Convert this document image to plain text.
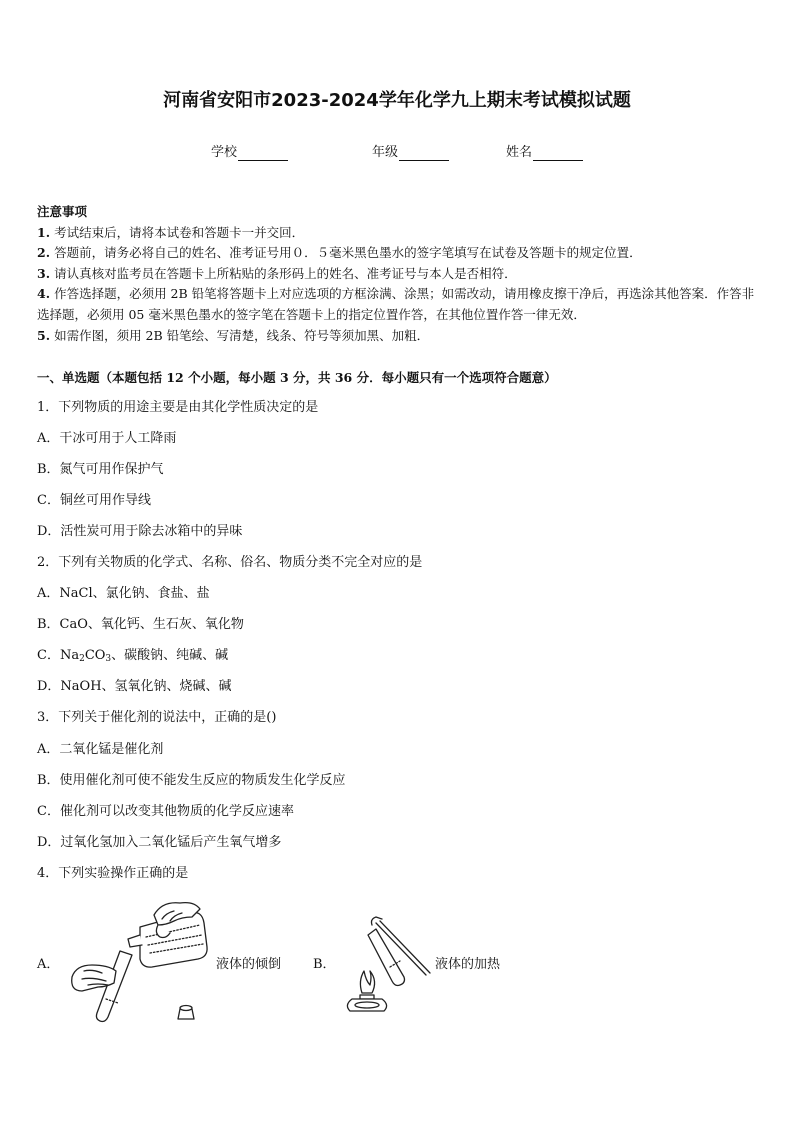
河南省安阳市2023-2024学年化学九上期末考试模拟试题
学校	年级	姓名
注意事项
1. 考试结束后，请将本试卷和答题卡一并交回．
2. 答题前，请务必将自己的姓名、准考证号用０．５毫米黑色墨水的签字笔填写在试卷及答题卡的规定位置．
3. 请认真核对监考员在答题卡上所粘贴的条形码上的姓名、准考证号与本人是否相符．
4. 作答选择题，必须用 2B 铅笔将答题卡上对应选项的方框涂满、涂黑；如需改动，请用橡皮擦干净后，再选涂其他答案．作答非选择题，必须用 05 毫米黑色墨水的签字笔在答题卡上的指定位置作答，在其他位置作答一律无效．
5. 如需作图，须用 2B 铅笔绘、写清楚，线条、符号等须加黑、加粗．
一、单选题（本题包括 12 个小题，每小题 3 分，共 36 分．每小题只有一个选项符合题意）
1．下列物质的用途主要是由其化学性质决定的是
A．干冰可用于人工降雨
B．氮气可用作保护气
C．铜丝可用作导线
D．活性炭可用于除去冰箱中的异味
2．下列有关物质的化学式、名称、俗名、物质分类不完全对应的是
A．NaCl、氯化钠、食盐、盐
B．CaO、氧化钙、生石灰、氧化物
C．$Na_2CO_3$、碳酸钠、纯碱、碱
D．NaOH、氢氧化钠、烧碱、碱
3．下列关于催化剂的说法中，正确的是()
A．二氧化锰是催化剂
B．使用催化剂可使不能发生反应的物质发生化学反应
C．催化剂可以改变其他物质的化学反应速率
D．过氧化氢加入二氧化锰后产生氧气增多
4．下列实验操作正确的是
A．	液体的倾倒 B．	液体的加热
